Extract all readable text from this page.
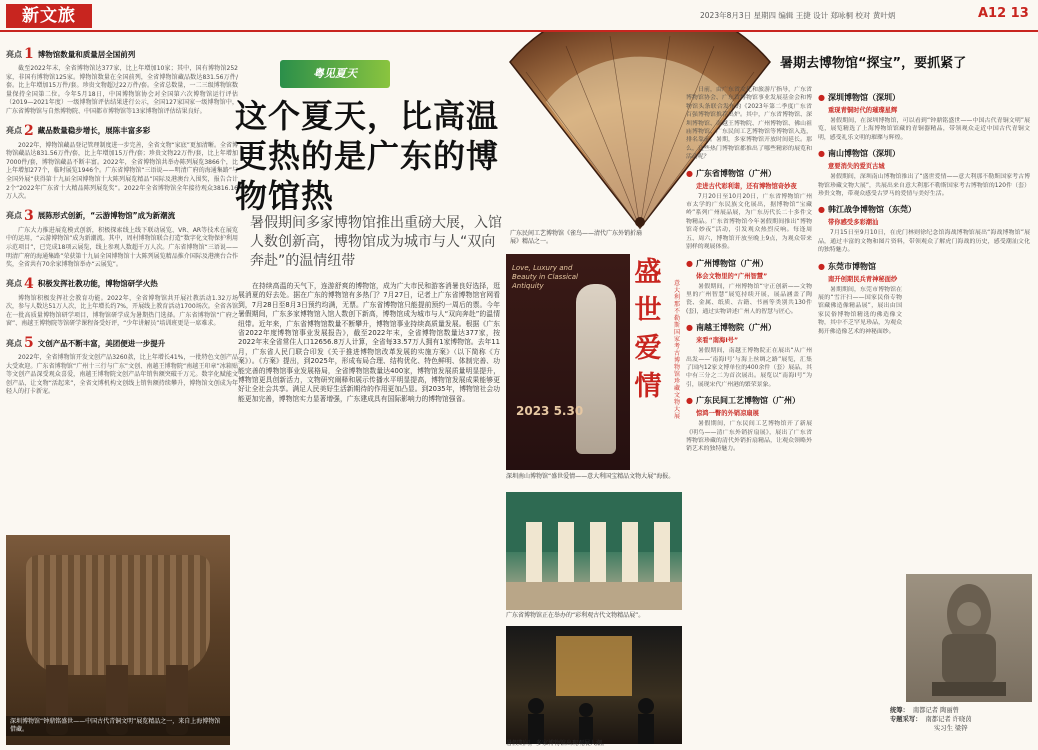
新文旅	2023年8月3日 星期四 编辑 王捷 设计 郑咏桐 校对 黄叶炳	A12 13
亮点 1 博物馆数量和质量居全国前列

截至2022年末，全省博物馆达377家，比上年增加10家；其中，国有博物馆252家，非国有博物馆125家。博物馆数量在全国前列，全省博物馆藏品数达831.56万件/套。比上年增加15万件/套。珍贵文物超过22万件/套。全省总数量，一二三级博物馆数量保持全国第二位。今年5月18日，中国博物馆协会对全国第六次博物馆运行评估（2019—2021年度）一级博物馆评估结果进行公示，全国127家国家一级博物馆中，广东省博物馆与自然博物院、中国都市博物馆等13家博物馆评估结果良好。

亮点 2 藏品数量稳步增长，展陈丰富多彩

2022年，博物馆藏品登记管理制度进一步完善，全省文物“家底”更加清晰。全省博物馆藏品达831.56万件/套，比上年增加15万件/套；珍贵文物22万件/套，比上年增加7000件/套，博物馆藏品不断丰富。2022年，全省博物馆共举办陈列展览3866个，比上年增加277个，临时展览1946个。广东省博物馆“三语说——明清广府的海通集路”与全国外展“获得第十九届全国博物馆十大陈列展览精品”国际及港澳台入围奖，报告合计2个“2022年广东省十大精品陈列展览奖”。2022年全省博物馆全年接待观众3816.16万人次。

亮点 3 展陈形式创新，“云游博物馆”成为新潮流

广东大力推进展览模式创新，积极探索线上线下联动展览、VR、AR等技术在展览中的运用，“云游博物馆”成为新潮流。其中，周村博物馆联合打造“数字化文物保护利用示范项目”，已完成18项云展览，线上参观人数超千万人次。广东省博物馆“三语说——明清广府的海通集路”荣获第十九届全国博物馆十大陈列展览精品推介国际及港澳台合作奖，全省共有70余家博物馆举办“云展览”。

亮点 4 积极发挥社教功能，博物馆研学火热

博物馆积极发挥社会教育功能。2022年，全省博物馆共开展社教活动1.32万场次，参与人数达51万人次，比上年增长约7%，开展线上教育活动1700场次。全省各馆在一批高质量博物馆研学项目，博物馆研学成为暑期热门选择。广东省博物馆“广府之窗”、南越王博物院等馆研学课程备受好评，“少年讲解员”培训班更是一席难求。

亮点 5 文创产品不断丰富，美团便进一步提升

2022年，全省博物馆开发文创产品3260款，比上年增长41%，一批特色文创产品大受欢迎。广东省博物馆“广州十三行与广东”文创、南越王博物院“南越王印章”冰箱贴等文创产品深受观众喜爱，南越王博物院文创产品年销售额突破千万元。数字化赋能文创产品，让文物“活起来”，全省文博机构文创线上销售额持续攀升，博物馆文创成为年轻人的打卡新宠。

深圳博物馆“钟鼎铭盛世——中国古代青铜文明”展览精品之一，来自上海博物馆借藏。
粤见夏天
这个夏天，比高温更热的是广东的博物馆热
暑假期间多家博物馆推出重磅大展，入馆人数创新高，博物馆成为城市与人“双向奔赴”的温情纽带

在持续高温的天气下，连游舒爽的博物馆，成为广大市民和游客消暑良好选择，逛展消夏的好去处。据在广东的博物馆有多热门？7月27日，记者上广东省博物馆官网看到，7月28日至8月3日预约均满，无票。广东省博物馆只能提前预约一周后的票。今年暑假期间，广东多家博物馆入馆人数创下新高，博物馆成为城市与人“双向奔赴”的温情纽带。近年来，广东省博物馆数量不断攀升，博物馆事业持续高质量发展。根据《广东省2022年度博物馆事业发展报告》，截至2022年末，全省博物馆数量达377家，按2022年末全省常住人口12656.8万人计算，全省每33.57万人拥有1家博物馆。去年11月，广东省人民门联合印发《关于推进博物馆改革发展的实施方案》（以下简称《方案》）。《方案》提出，到2025年，形成布局合理、结构优化、特色鲜明、体制完善、功能完善的博物馆事业发展格局，全省博物馆数量达400家，博物馆发展质量明显提升，博物馆更具创新活力，文物研究阐释和展示传播水平明显提高，博物馆发展成果能够更好让全社会共享。满足人民美好生活新期待的作用更加凸显。到2035年，博物馆社会功能更加完善，博物馆实力显著增强，广东建成具有国际影响力的博物馆强省。

广东民间工艺博物馆《雀鸟——清代广东外销折扇展》精品之一。
Love, Luxury and Beauty in Classical Antiquity
2023 5.30
盛
世
爱
情
意大利那不勒斯国家考古博物馆珍藏文物大展
深圳南山博物馆“盛世爱情——意大利国宝精品文物大展”海报。
广东省博物馆正在举办的“彩利观古代文物精品展”。
暑假期间，多家博物馆出现观展人潮。
暑期去博物馆“探宝”，要抓紧了

日前，由广东省文化和旅游厅指导，广东省博物馆协会、广东省博物馆事业发展基金会和博物馆头条联合发布的《2023年第二季度广东省百强博物馆推荐出炉。其中，广东省博物馆、深圳博物馆、南越王博物院、广州博物馆、佛山祖庙博物馆、广东民间工艺博物馆等博物馆入选，排名靠前。暑期，多家博物馆开放时间延长。那么，这些热门博物馆都推出了哪些精彩的展览和活动呢？

● 广东省博物馆（广州）
走进古代彩利谐，还有博物馆奇妙夜

7月20日至10月20日，广东省博物馆广州市太学的广东民族文化展出，据博物馆“宝藏岭”系列广州展品展，为广东历代长二十多件文物精品。广东省博物馆今年暑假期间推出“博物馆奇妙夜”活动，引发观众热烈反响。每逢周五、周六，博物馆开放至晚上9点，为观众带来别样的观展体验。

● 广州博物馆（广州）
体会文物里的“广州智慧”

暑假期间，广州博物馆“守正创新——文物里的广州智慧”展览持续开展，展品涵盖了陶瓷、金属、纸质、古籍、书画等类别共130件(套)，通过实物讲述广州人的智慧与匠心。

● 南越王博物院（广州）
来看“南海I号”

暑假期间，南越王博物院正在展出“从广州出发——‘南海I号’与海上丝绸之路”展览，汇集了国内12家文博单位的400余件（套）展品，其中有三分之二为首次展出。展览以“南海I号”为引，展现宋代广州港的繁荣景象。

● 广东民间工艺博物馆（广州）
惊鸿一瞥的外销凉扇展

暑假期间，广东民间工艺博物馆开了新展《明鸟——清广东外销折扇展》，展出了广东省博物馆珍藏的清代外销折扇精品，让观众领略外销艺术的独特魅力。

● 深圳博物馆（深圳）
重现青铜时代的璀璨星辉

暑假期间，在深圳博物馆，可以看到“钟鼎铭盛世——中国古代青铜文明”展览，展览精选了上海博物馆馆藏的青铜器精品，带领观众走近中国古代青铜文明，感受礼乐文明的璀璨与辉煌。

● 南山博物馆（深圳）
意要消失的爱页古城

暑假期间，深圳南山博物馆推出了“盛世爱情——意大利那不勒斯国家考古博物馆珍藏文物大展”，共展出来自意大利那不勒斯国家考古博物馆的120件（套）珍贵文物，带观众感受古罗马的爱情与美好生活。

● 韩江战争博物馆（东莞）
带你感受多彩潮汕

7月15日至9月10日，在虎门林则徐纪念馆海战博物馆展出“海战博物馆”展品，通过丰富的文物和图片资料，带领观众了解虎门海战的历史，感受潮汕文化的独特魅力。

● 东莞市博物馆
南开创期民兵青神秘面纱

暑期期间，东莞市博物馆在展的“雪汗扫——国家民俗专物馆藏佛造像精品展”，展出由国家民俗博物馆精选的佛造像文物，其中不乏罕见珍品，为观众揭开佛造像艺术的神秘面纱。

统筹： 南都记者 陶丽曾
专题采写： 南都记者 许晓茵
实习生 梁锌
